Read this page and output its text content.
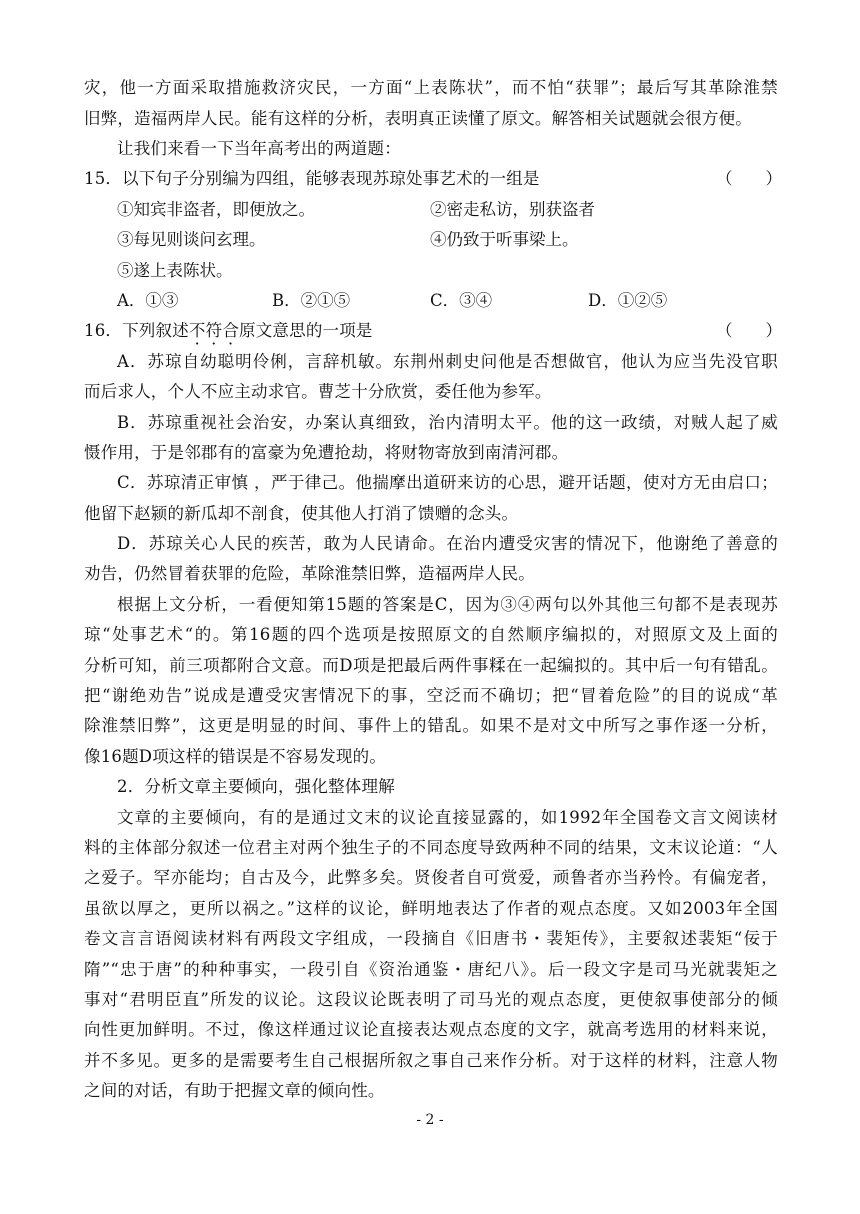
灾，他一方面采取措施救济灾民，一方面“上表陈状”，而不怕“获罪”；最后写其革除淮禁
旧弊，造福两岸人民。能有这样的分析，表明真正读懂了原文。解答相关试题就会很方便。
让我们来看一下当年高考出的两道题：
15．以下句子分别编为四组，能够表现苏琼处事艺术的一组是	（　　）
①知宾非盗者，即便放之。	②密走私访，别获盗者
③每见则谈问玄理。	④仍致于听事梁上。
⑤遂上表陈状。
A．①③	B．②①⑤	C．③④	D．①②⑤
16．下列叙述不符合原文意思的一项是	（　　）
A．苏琼自幼聪明伶俐，言辞机敏。东荆州刺史问他是否想做官，他认为应当先没官职
而后求人，个人不应主动求官。曹芝十分欣赏，委任他为参军。
B．苏琼重视社会治安，办案认真细致，治内清明太平。他的这一政绩，对贼人起了威
慑作用，于是邻郡有的富豪为免遭抢劫，将财物寄放到南清河郡。
C．苏琼清正审慎 ，严于律己。他揣摩出道研来访的心思，避开话题，使对方无由启口；
他留下赵颍的新瓜却不剖食，使其他人打消了馈赠的念头。
D．苏琼关心人民的疾苦，敢为人民请命。在治内遭受灾害的情况下，他谢绝了善意的
劝告，仍然冒着获罪的危险，革除淮禁旧弊，造福两岸人民。
根据上文分析，一看便知第15题的答案是C，因为③④两句以外其他三句都不是表现苏
琼“处事艺术“的。第16题的四个选项是按照原文的自然顺序编拟的，对照原文及上面的
分析可知，前三项都附合文意。而D项是把最后两件事糅在一起编拟的。其中后一句有错乱。
把“谢绝劝告”说成是遭受灾害情况下的事，空泛而不确切；把“冒着危险”的目的说成“革
除淮禁旧弊”，这更是明显的时间、事件上的错乱。如果不是对文中所写之事作逐一分析，
像16题D项这样的错误是不容易发现的。
2．分析文章主要倾向，强化整体理解
文章的主要倾向，有的是通过文末的议论直接显露的，如1992年全国卷文言文阅读材
料的主体部分叙述一位君主对两个独生子的不同态度导致两种不同的结果，文末议论道：“人
之爱子。罕亦能均；自古及今，此弊多矣。贤俊者自可赏爱，顽鲁者亦当矜怜。有偏宠者，
虽欲以厚之，更所以祸之。”这样的议论，鲜明地表达了作者的观点态度。又如2003年全国
卷文言言语阅读材料有两段文字组成，一段摘自《旧唐书・裴矩传》，主要叙述裴矩“佞于
隋”“忠于唐”的种种事实，一段引自《资治通鉴・唐纪八》。后一段文字是司马光就裴矩之
事对“君明臣直”所发的议论。这段议论既表明了司马光的观点态度，更使叙事使部分的倾
向性更加鲜明。不过，像这样通过议论直接表达观点态度的文字，就高考选用的材料来说，
并不多见。更多的是需要考生自己根据所叙之事自己来作分析。对于这样的材料，注意人物
之间的对话，有助于把握文章的倾向性。
- 2 -
